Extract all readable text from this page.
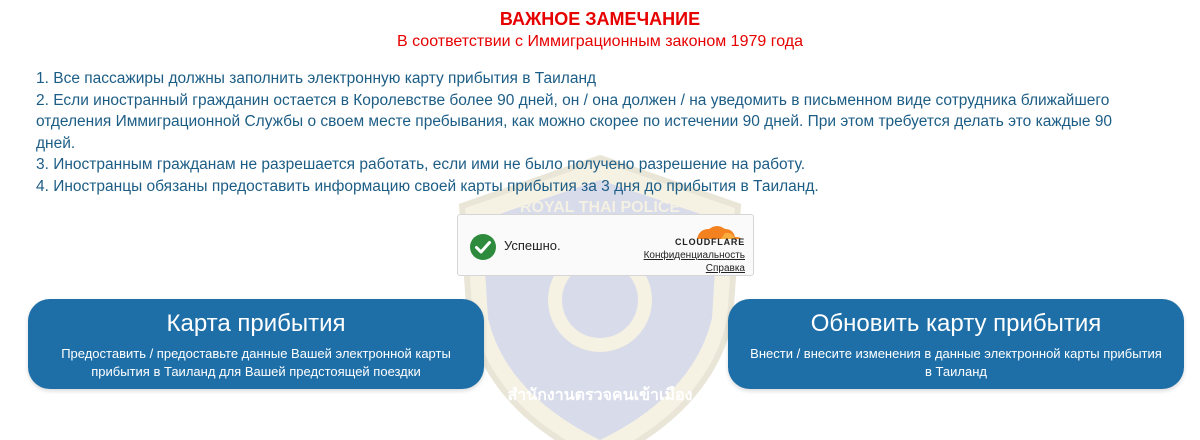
ROYAL THAI POLICE
สำนักงานตรวจคนเข้าเมือง
ВАЖНОЕ ЗАМЕЧАНИЕ
В соответствии с Иммиграционным законом 1979 года

1. Все пассажиры должны заполнить электронную карту прибытия в Таиланд

2. Если иностранный гражданин остается в Королевстве более 90 дней, он / она должен / на уведомить в письменном виде сотрудника ближайшего отделения Иммиграционной Службы о своем месте пребывания, как можно скорее по истечении 90 дней. При этом требуется делать это каждые 90 дней.

3. Иностранным гражданам не разрешается работать, если ими не было получено разрешение на работу.

4. Иностранцы обязаны предоставить информацию своей карты прибытия за 3 дня до прибытия в Таиланд.

Успешно.	CLOUDFLARE
Конфиденциальность
Справка
Карта прибытия
Предоставить / предоставьте данные Вашей электронной карты прибытия в Таиланд для Вашей предстоящей поездки
Обновить карту прибытия
Внести / внесите изменения в данные электронной карты прибытия в Таиланд
